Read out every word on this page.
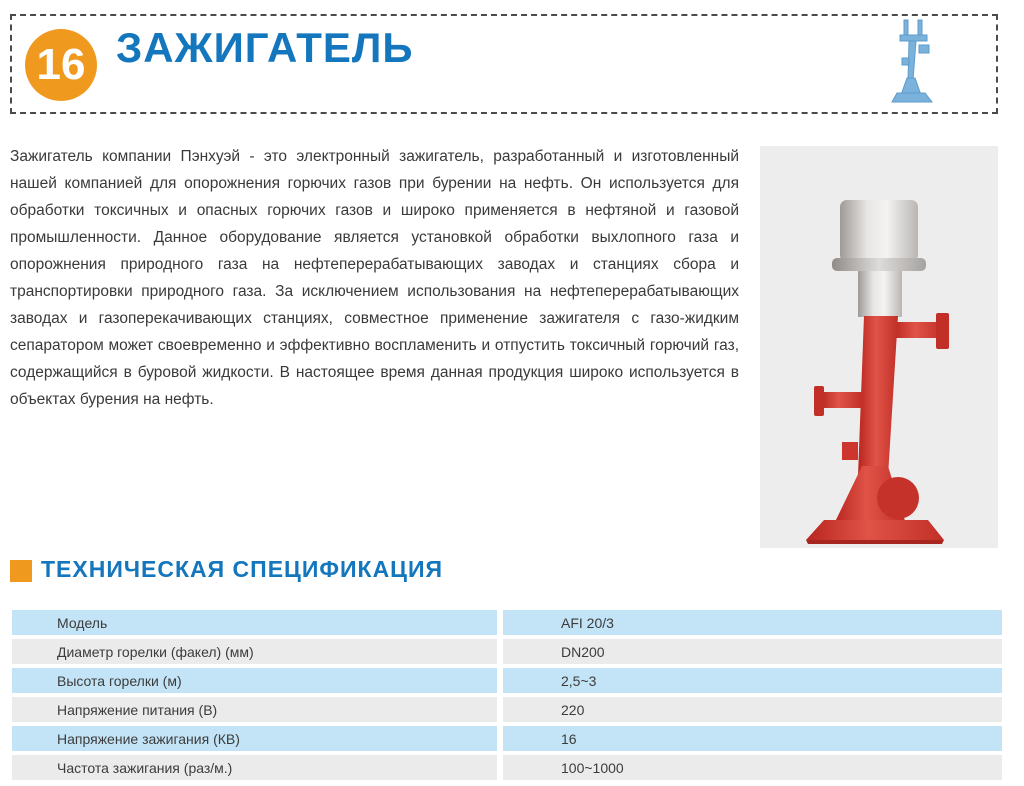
16 ЗАЖИГАТЕЛЬ

Зажигатель компании Пэнхуэй - это электронный зажигатель, разработанный и изготовленный нашей компанией для опорожнения горючих газов при бурении на нефть. Он используется для обработки токсичных и опасных горючих газов и широко применяется в нефтяной и газовой промышленности. Данное оборудование является установкой обработки выхлопного газа и опорожнения природного газа на нефтеперерабатывающих заводах и станциях сбора и транспортировки природного газа. За исключением использования на нефтеперерабатывающих заводах и газоперекачивающих станциях, совместное применение зажигателя с газо-жидким сепаратором может своевременно и эффективно воспламенить и отпустить токсичный горючий газ, содержащийся в буровой жидкости. В настоящее время данная продукция широко используется в объектах бурения на нефть.

ТЕХНИЧЕСКАЯ СПЕЦИФИКАЦИЯ
Модель	AFI 20/3
Диаметр горелки (факел) (мм)	DN200
Высота горелки (м)	2,5~3
Напряжение питания (В)	220
Напряжение зажигания (КВ)	16
Частота зажигания (раз/м.)	100~1000
